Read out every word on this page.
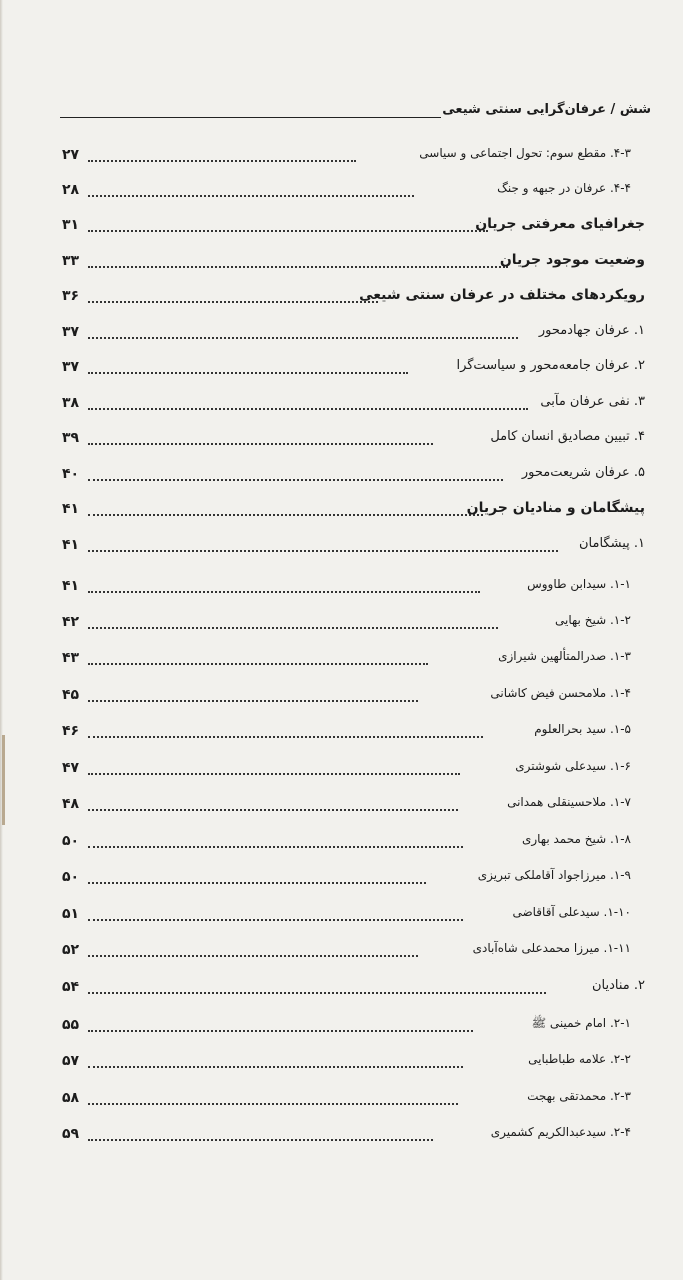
شش / عرفان‌گرایی سنتی شیعی
۲۷	۴-۳. مقطع سوم: تحول اجتماعی و سیاسی
۲۸	۴-۴. عرفان در جبهه و جنگ
۳۱	جغرافیای معرفتی جریان
۳۳	وضعیت موجود جریان
۳۶	رویکردهای مختلف در عرفان سنتی شیعی
۳۷	۱. عرفان جهادمحور
۳۷	۲. عرفان جامعه‌محور و سیاست‌گرا
۳۸	۳. نفی عرفان مآبی
۳۹	۴. تبیین مصادیق انسان کامل
۴۰	۵. عرفان شریعت‌محور
۴۱	پیشگامان و منادیان جریان
۴۱	۱. پیشگامان
۴۱	۱-۱. سیدابن طاووس
۴۲	۱-۲. شیخ بهایی
۴۳	۱-۳. صدرالمتألهین شیرازی
۴۵	۱-۴. ملامحسن فیض کاشانی
۴۶	۱-۵. سید بحرالعلوم
۴۷	۱-۶. سیدعلی شوشتری
۴۸	۱-۷. ملاحسینقلی همدانی
۵۰	۱-۸. شیخ محمد بهاری
۵۰	۱-۹. میرزاجواد آقاملکی تبریزی
۵۱	۱-۱۰. سیدعلی آقاقاضی
۵۲	۱-۱۱. میرزا محمدعلی شاه‌آبادی
۵۴	۲. منادیان
۵۵	۲-۱. امام خمینی ﷺ
۵۷	۲-۲. علامه طباطبایی
۵۸	۲-۳. محمدتقی بهجت
۵۹	۲-۴. سیدعبدالکریم کشمیری
